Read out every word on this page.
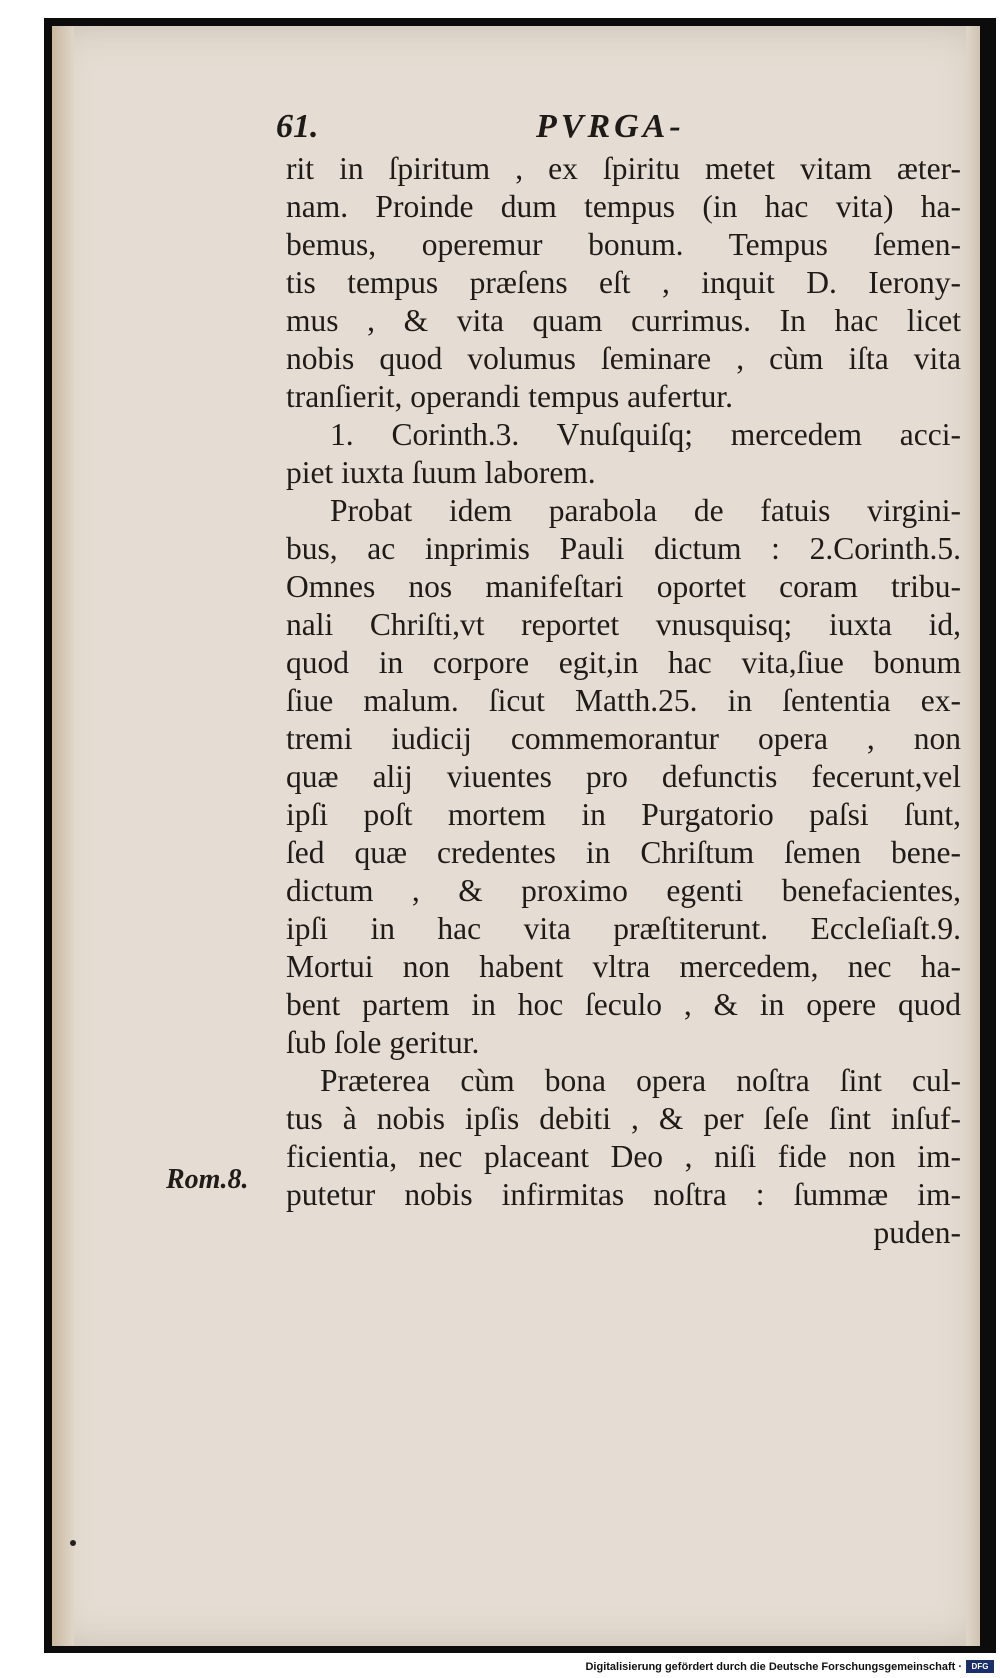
61.	PVRGA-
Rom.8.
rit in ſpiritum , ex ſpiritu metet vitam æter-
nam. Proinde dum tempus (in hac vita) ha-
bemus, operemur bonum. Tempus ſemen-
tis tempus præſens eſt , inquit D. Ierony-
mus , & vita quam currimus. In hac licet
nobis quod volumus ſeminare , cùm iſta vita
tranſierit, operandi tempus aufertur.
1. Corinth.3. Vnuſquiſq; mercedem acci-
piet iuxta ſuum laborem.
Probat idem parabola de fatuis virgini-
bus, ac inprimis Pauli dictum : 2.Corinth.5.
Omnes nos manifeſtari oportet coram tribu-
nali Chriſti,vt reportet vnusquisq; iuxta id,
quod in corpore egit,in hac vita,ſiue bonum
ſiue malum. ſicut Matth.25. in ſententia ex-
tremi iudicij commemorantur opera , non
quæ alij viuentes pro defunctis fecerunt,vel
ipſi poſt mortem in Purgatorio paſsi ſunt,
ſed quæ credentes in Chriſtum ſemen bene-
dictum , & proximo egenti benefacientes,
ipſi in hac vita præſtiterunt. Eccleſiaſt.9.
Mortui non habent vltra mercedem, nec ha-
bent partem in hoc ſeculo , & in opere quod
ſub ſole geritur.
Præterea cùm bona opera noſtra ſint cul-
tus à nobis ipſis debiti , & per ſeſe ſint inſuf-
ficientia, nec placeant Deo , niſi fide non im-
putetur nobis infirmitas noſtra : ſummæ im-
puden-
Digitalisierung gefördert durch die Deutsche Forschungsgemeinschaft ·	DFG
